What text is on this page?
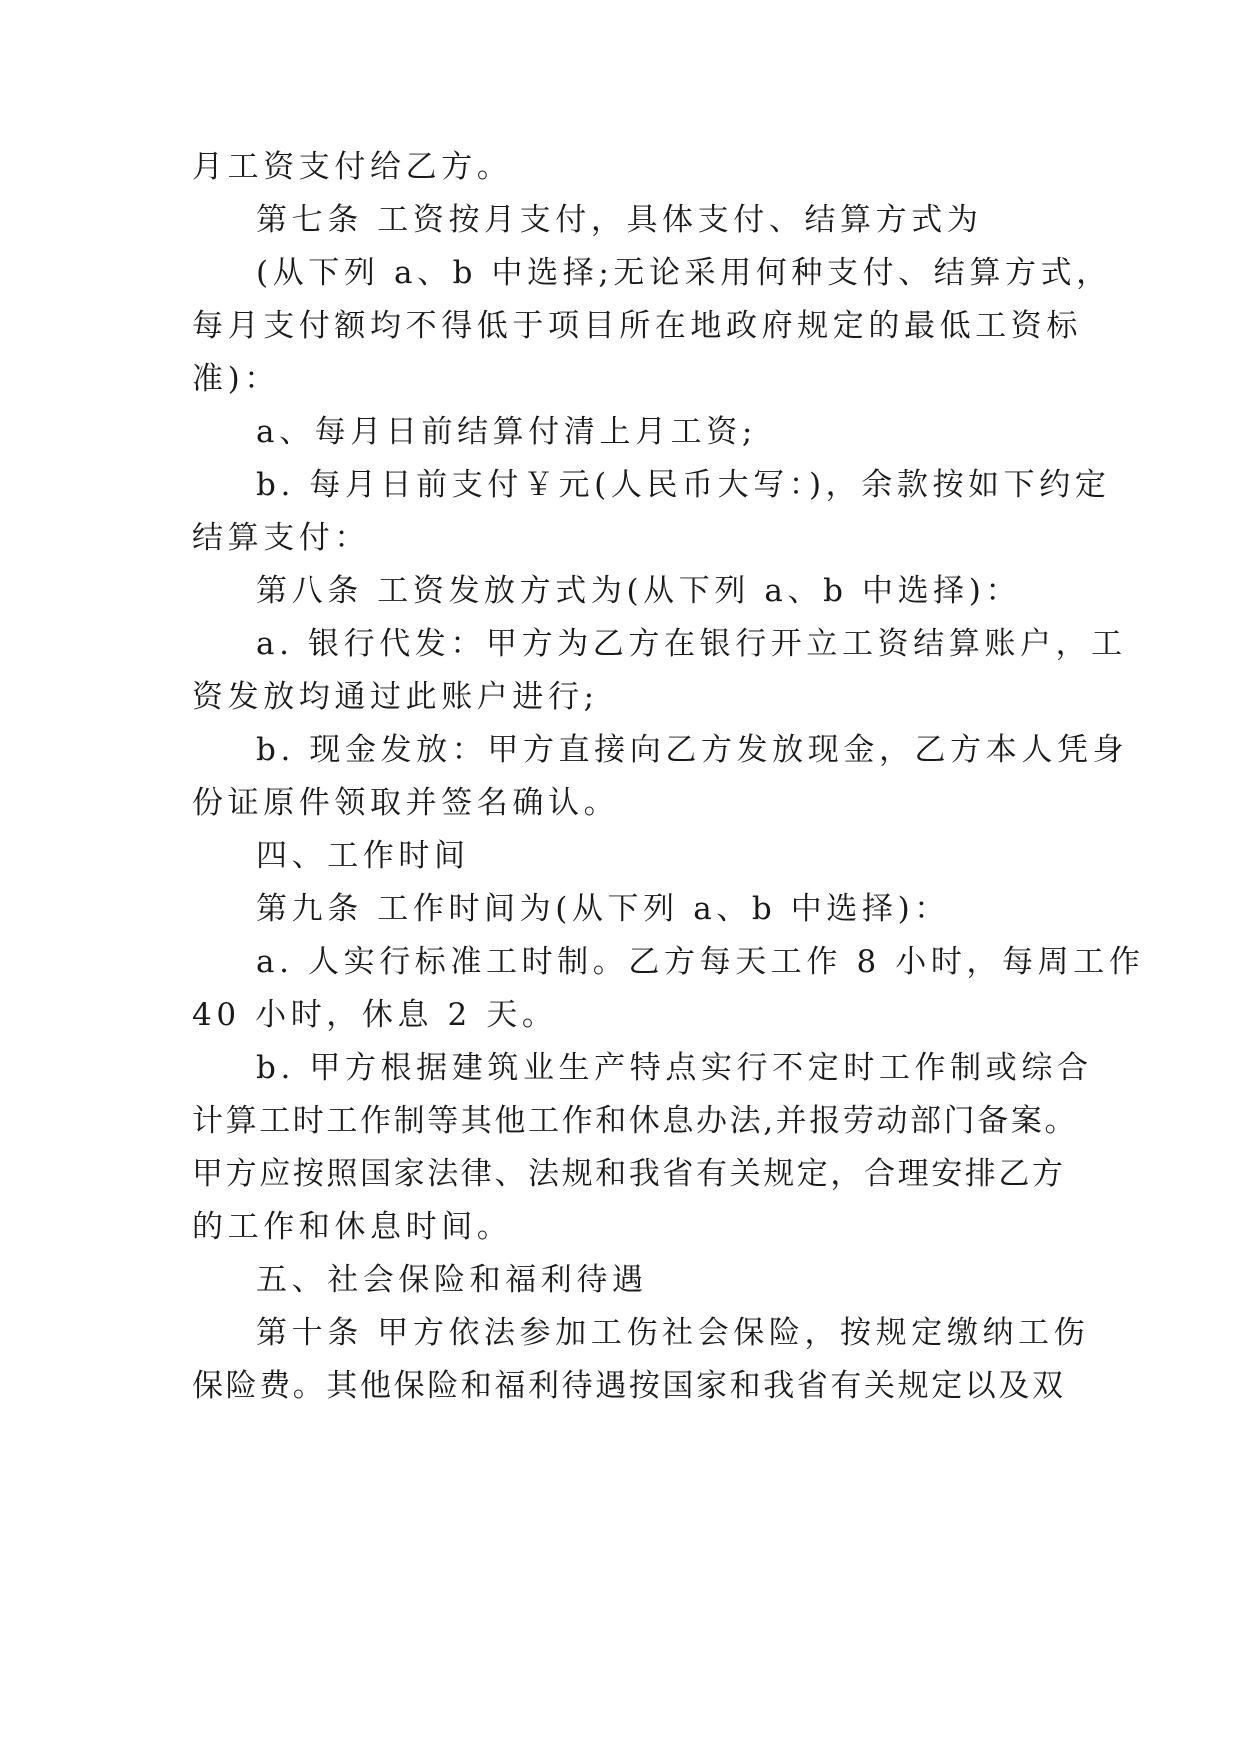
月工资支付给乙方。
第七条 工资按月支付，具体支付、结算方式为
(从下列 a、b 中选择;无论采用何种支付、结算方式，
每月支付额均不得低于项目所在地政府规定的最低工资标
准)：
a、每月日前结算付清上月工资;
b. 每月日前支付￥元(人民币大写：)，余款按如下约定
结算支付：
第八条 工资发放方式为(从下列 a、b 中选择)：
a. 银行代发：甲方为乙方在银行开立工资结算账户，工
资发放均通过此账户进行;
b. 现金发放：甲方直接向乙方发放现金，乙方本人凭身
份证原件领取并签名确认。
四、工作时间
第九条 工作时间为(从下列 a、b 中选择)：
a. 人实行标准工时制。乙方每天工作 8 小时，每周工作
40 小时，休息 2 天。
b. 甲方根据建筑业生产特点实行不定时工作制或综合
计算工时工作制等其他工作和休息办法,并报劳动部门备案。
甲方应按照国家法律、法规和我省有关规定，合理安排乙方
的工作和休息时间。
五、社会保险和福利待遇
第十条 甲方依法参加工伤社会保险，按规定缴纳工伤
保险费。其他保险和福利待遇按国家和我省有关规定以及双
